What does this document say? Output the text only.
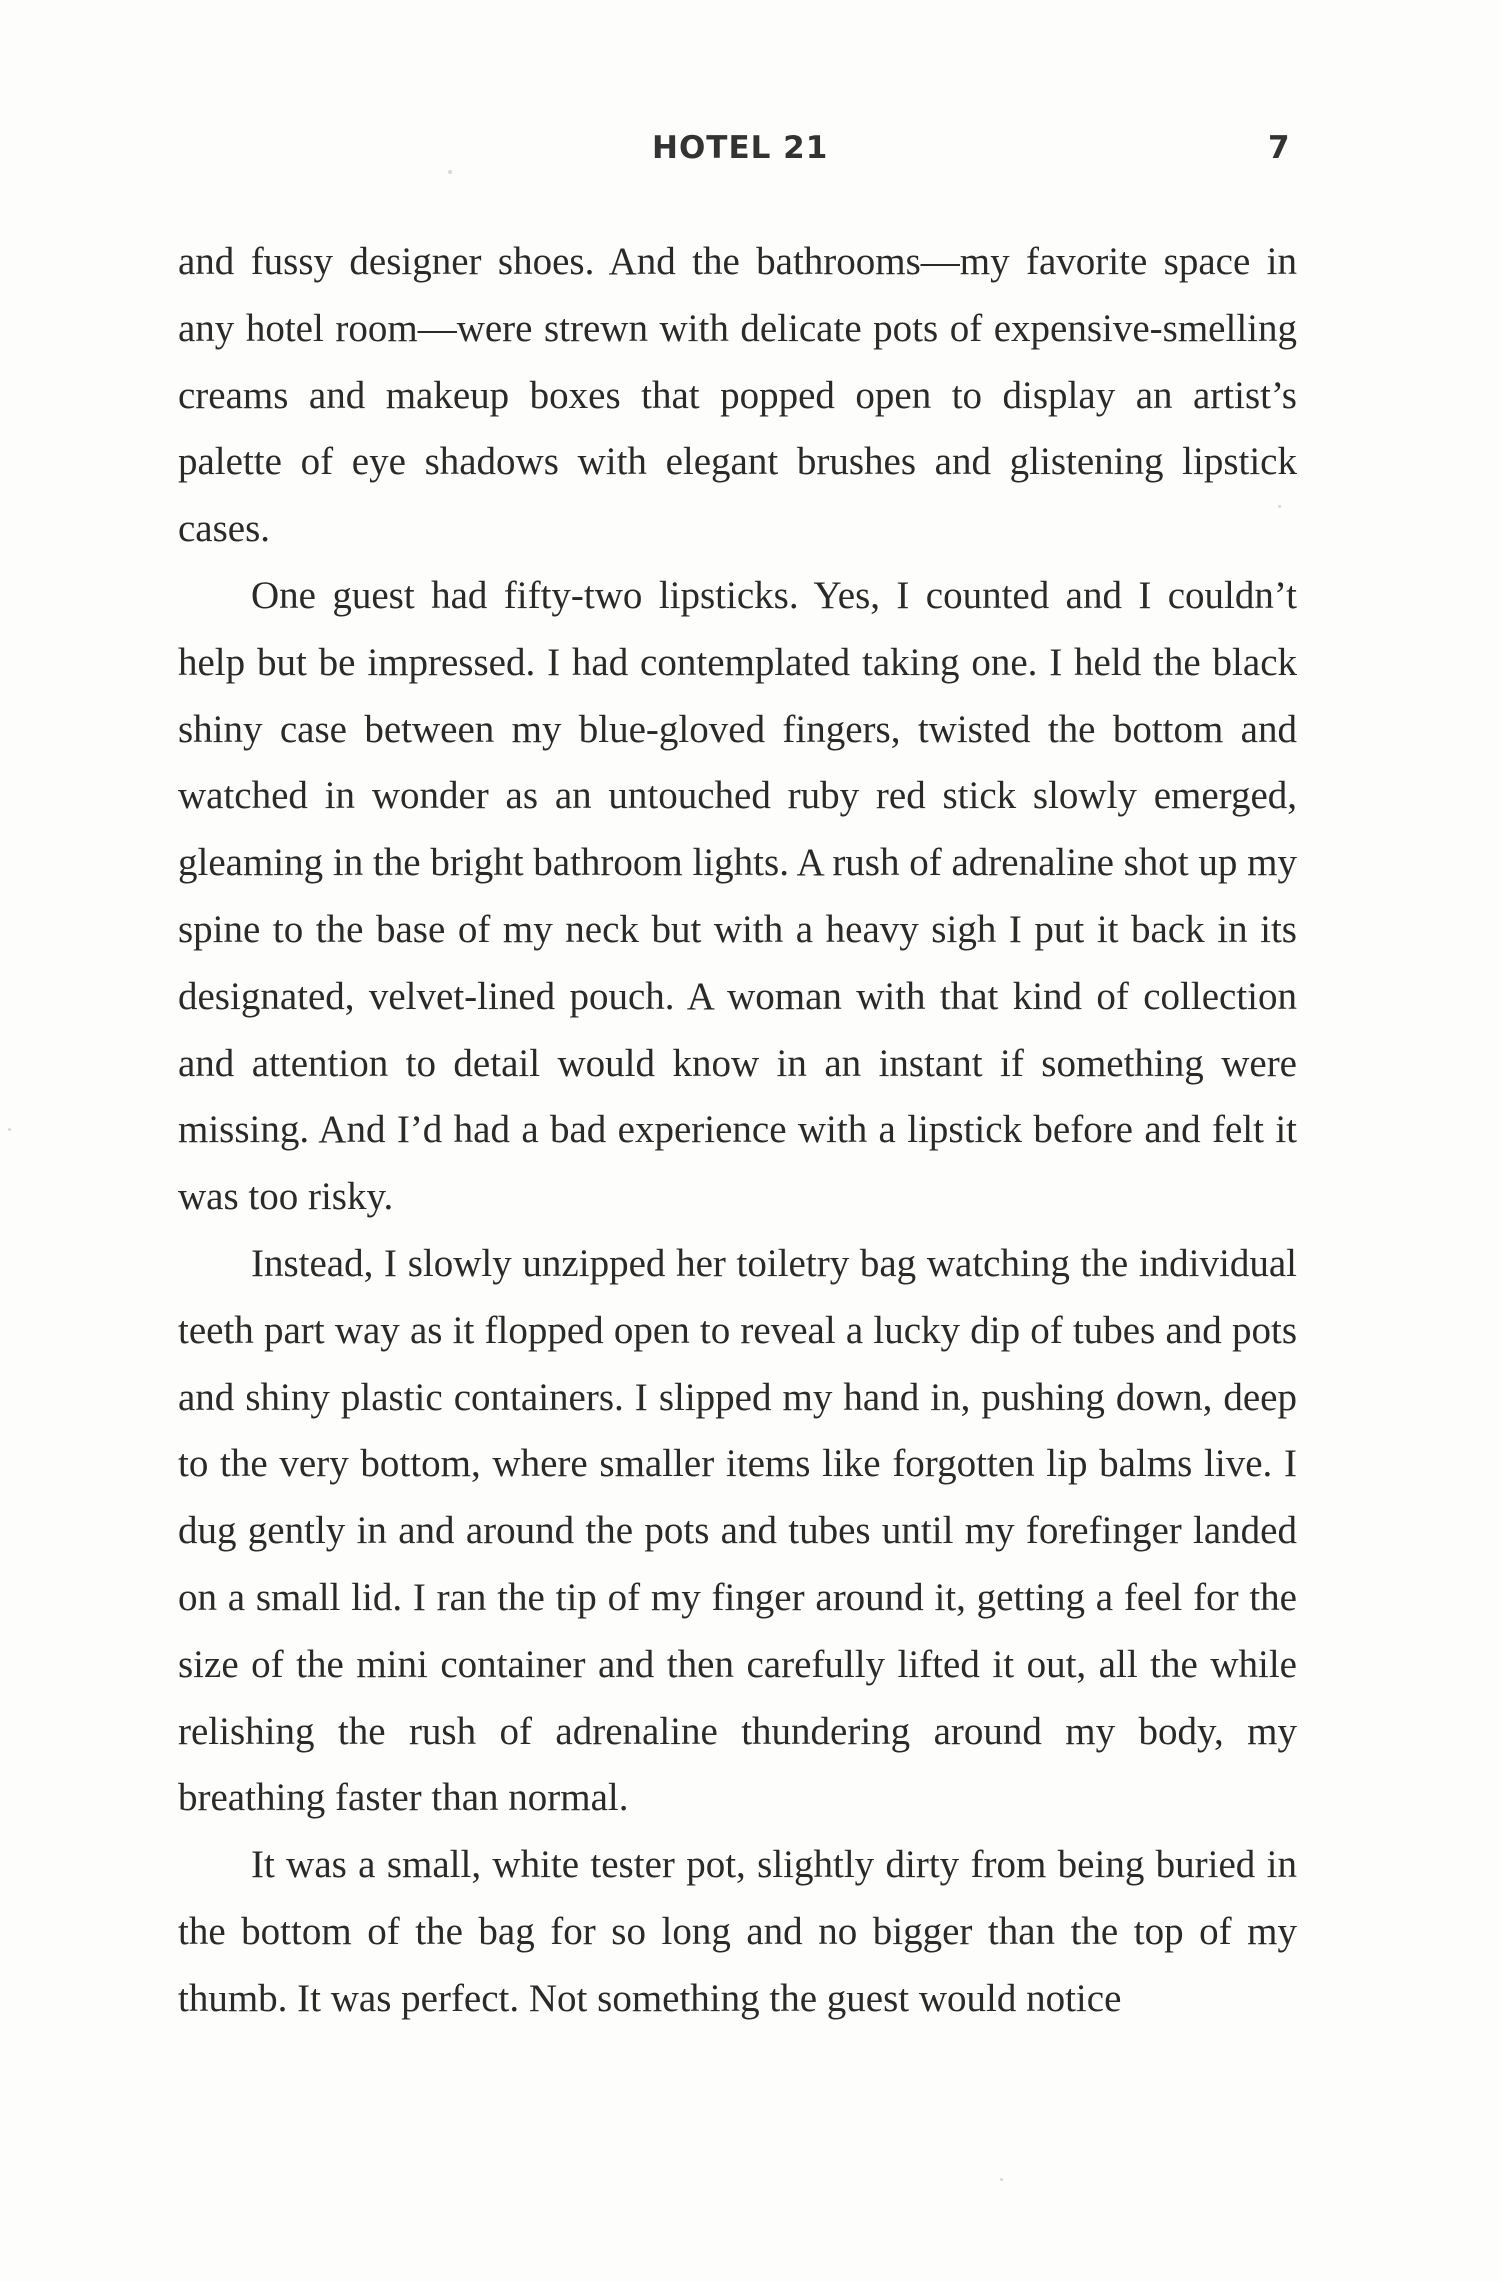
HOTEL 21	7

and fussy designer shoes. And the bathrooms—my favorite space in any hotel room—were strewn with delicate pots of expensive-smelling creams and makeup boxes that popped open to display an artist’s palette of eye shadows with elegant brushes and glistening lipstick cases.

One guest had fifty-two lipsticks. Yes, I counted and I couldn’t help but be impressed. I had contemplated taking one. I held the black shiny case between my blue-gloved fingers, twisted the bottom and watched in wonder as an untouched ruby red stick slowly emerged, gleaming in the bright bathroom lights. A rush of adrenaline shot up my spine to the base of my neck but with a heavy sigh I put it back in its designated, velvet-lined pouch. A woman with that kind of collection and attention to detail would know in an instant if something were missing. And I’d had a bad experience with a lipstick before and felt it was too risky.

Instead, I slowly unzipped her toiletry bag watching the individual teeth part way as it flopped open to reveal a lucky dip of tubes and pots and shiny plastic containers. I slipped my hand in, pushing down, deep to the very bottom, where smaller items like forgotten lip balms live. I dug gently in and around the pots and tubes until my forefinger landed on a small lid. I ran the tip of my finger around it, getting a feel for the size of the mini container and then carefully lifted it out, all the while relishing the rush of adrenaline thundering around my body, my breathing faster than normal.

It was a small, white tester pot, slightly dirty from being buried in the bottom of the bag for so long and no bigger than the top of my thumb. It was perfect. Not something the guest would notice
